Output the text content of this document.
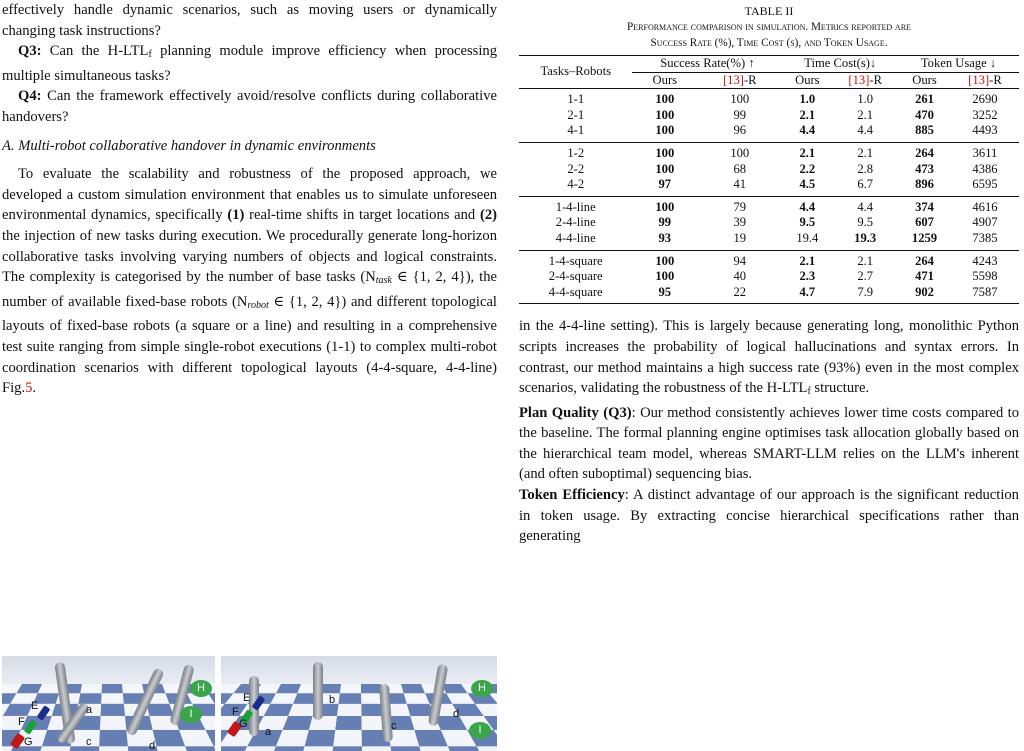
effectively handle dynamic scenarios, such as moving users or dynamically changing task instructions?

Q3: Can the $H-LTL_f$ planning module improve efficiency when processing multiple simultaneous tasks?

Q4: Can the framework effectively avoid/resolve conflicts during collaborative handovers?

A. Multi-robot collaborative handover in dynamic environments

To evaluate the scalability and robustness of the proposed approach, we developed a custom simulation environment that enables us to simulate unforeseen environmental dynamics, specifically (1) real-time shifts in target locations and (2) the injection of new tasks during execution. We procedurally generate long-horizon collaborative tasks involving varying numbers of objects and logical constraints. The complexity is categorised by the number of base tasks ($N_{task}$ ∈ {1, 2, 4}), the number of available fixed-base robots ($N_{robot}$ ∈ {1, 2, 4}) and different topological layouts of fixed-base robots (a square or a line) and resulting in a comprehensive test suite ranging from simple single-robot executions (1-1) to complex multi-robot coordination scenarios with different topological layouts (4-4-square, 4-4-line) Fig.5.

a
c	d
E
F
G
H
I
a
b
c
d
E
F
G
H
I
TABLE II
Performance comparison in simulation. Metrics reported are
Success Rate (%), Time Cost (s), and Token Usage.
Tasks–Robots	Success Rate(%) ↑		Time Cost(s)↓		Token Usage ↓	
	Ours	[13]-R	Ours	[13]-R	Ours	[13]-R
1-1	100	100	1.0	1.0	261	2690
2-1	100	99	2.1	2.1	470	3252
4-1	100	96	4.4	4.4	885	4493
1-2	100	100	2.1	2.1	264	3611
2-2	100	68	2.2	2.8	473	4386
4-2	97	41	4.5	6.7	896	6595
1-4-line	100	79	4.4	4.4	374	4616
2-4-line	99	39	9.5	9.5	607	4907
4-4-line	93	19	19.4	19.3	1259	7385
1-4-square	100	94	2.1	2.1	264	4243
2-4-square	100	40	2.3	2.7	471	5598
4-4-square	95	22	4.7	7.9	902	7587

in the 4-4-line setting). This is largely because generating long, monolithic Python scripts increases the probability of logical hallucinations and syntax errors. In contrast, our method maintains a high success rate (93%) even in the most complex scenarios, validating the robustness of the $H-LTL_f$ structure.

Plan Quality (Q3): Our method consistently achieves lower time costs compared to the baseline. The formal planning engine optimises task allocation globally based on the hierarchical team model, whereas SMART-LLM relies on the LLM's inherent (and often suboptimal) sequencing bias.

Token Efficiency: A distinct advantage of our approach is the significant reduction in token usage. By extracting concise hierarchical specifications rather than generating
